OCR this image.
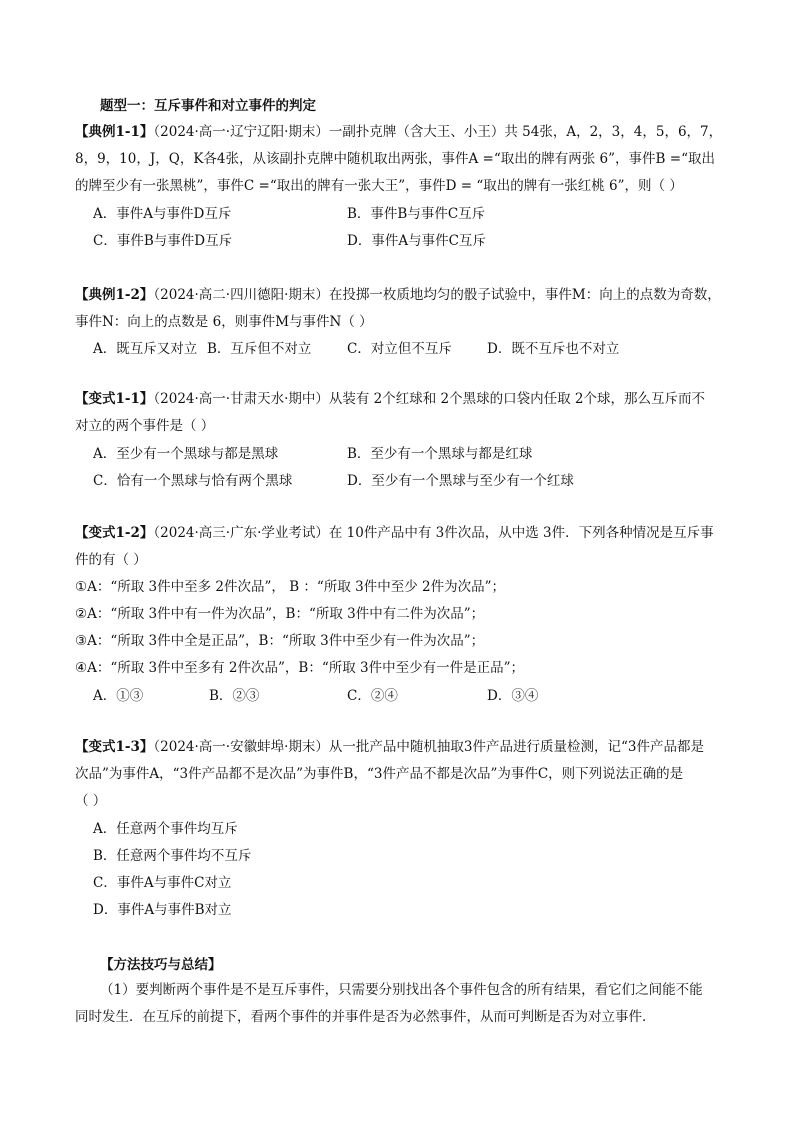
题型一：互斥事件和对立事件的判定
【典例1-1】（2024·高一·辽宁辽阳·期末）一副扑克牌（含大王、小王）共 54张，A，2，3，4，5，6，7，
8，9，10，J，Q，K各4张，从该副扑克牌中随机取出两张，事件A =“取出的牌有两张 6”，事件B =“取出
的牌至少有一张黑桃”，事件C =“取出的牌有一张大王”，事件D = “取出的牌有一张红桃 6”，则（ ）
A．事件A与事件D互斥	B．事件B与事件C互斥
C．事件B与事件D互斥	D．事件A与事件C互斥
【典例1-2】（2024·高二·四川德阳·期末）在投掷一枚质地均匀的骰子试验中，事件M：向上的点数为奇数，
事件N：向上的点数是 6，则事件M与事件N（ ）
A．既互斥又对立 B．互斥但不对立	C．对立但不互斥	D．既不互斥也不对立
【变式1-1】（2024·高一·甘肃天水·期中）从装有 2个红球和 2个黑球的口袋内任取 2个球，那么互斥而不
对立的两个事件是（ ）
A．至少有一个黑球与都是黑球	B．至少有一个黑球与都是红球
C．恰有一个黑球与恰有两个黑球	D．至少有一个黑球与至少有一个红球
【变式1-2】（2024·高三·广东·学业考试）在 10件产品中有 3件次品，从中选 3件．下列各种情况是互斥事
件的有（ ）
①A：“所取 3件中至多 2件次品”， B ：“所取 3件中至少 2件为次品”；
②A：“所取 3件中有一件为次品”，B：“所取 3件中有二件为次品”；
③A：“所取 3件中全是正品”，B：“所取 3件中至少有一件为次品”；
④A：“所取 3件中至多有 2件次品”，B：“所取 3件中至少有一件是正品”；
A．①③	B．②③	C．②④	D．③④
【变式1-3】（2024·高一·安徽蚌埠·期末）从一批产品中随机抽取3件产品进行质量检测，记“3件产品都是
次品”为事件A，“3件产品都不是次品”为事件B，“3件产品不都是次品”为事件C，则下列说法正确的是
（ ）
A．任意两个事件均互斥
B．任意两个事件均不互斥
C．事件A与事件C对立
D．事件A与事件B对立
【方法技巧与总结】
（1）要判断两个事件是不是互斥事件，只需要分别找出各个事件包含的所有结果，看它们之间能不能
同时发生．在互斥的前提下，看两个事件的并事件是否为必然事件，从而可判断是否为对立事件．
